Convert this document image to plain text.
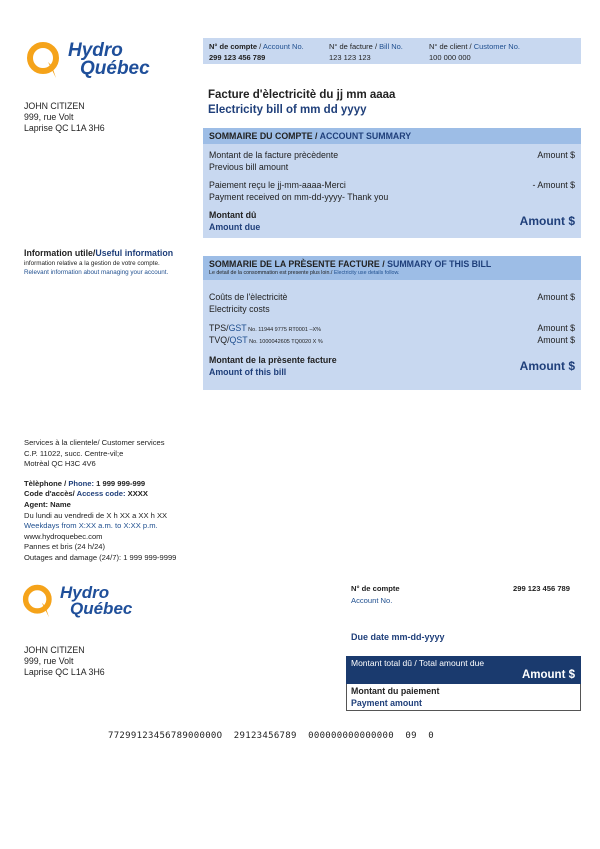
Hydro
Québec
N° de compte / Account No.
299 123 456 789
N° de facture / Bill No.
123 123 123
N° de client / Customer No.
100 000 000
JOHN CITIZEN
999, rue Volt
Laprise QC L1A 3H6
Facture d'èlectricitè du jj mm aaaa
Electricity bill of mm dd yyyy
SOMMAIRE DU COMPTE / ACCOUNT SUMMARY
Montant de la facture prècèdente
Previous bill amount
Amount $
Paiement reçu le jj-mm-aaaa-Merci
Payment received on mm-dd-yyyy- Thank you
- Amount $
Montant dû
Amount due	Amount $
Information utile/Useful information
information relative a la gestion de votre compte.
Relevant information about managing your account.
SOMMARIE DE LA PRÈSENTE FACTURE / SUMMARY OF THIS BILL
Le detail de la consommation est presente plus loin./ Electricity use details follow.
Coûts de l'èlectricitè
Electricity costs
Amount $
TPS/GST No. 11944 9775 RT0001 –X%	Amount $
TVQ/QST No. 1000042605 TQ0020 X %	Amount $
Montant de la prèsente facture
Amount of this bill	Amount $
Services à la clientele/ Customer services
C.P. 11022, succ. Centre-vil;e
Motrèal QC H3C 4V6
Tèlèphone / Phone: 1 999 999-999
Code d'accès/ Access code: XXXX
Agent: Name
Du lundi au vendredi de X h XX a XX h XX
Weekdays from X:XX a.m. to X:XX p.m.
www.hydroquebec.com
Pannes et bris (24 h/24)
Outages and damage (24/7): 1 999 999-9999
Hydro
Québec
N° de compte
Account No.
299 123 456 789
JOHN CITIZEN
999, rue Volt
Laprise QC L1A 3H6
Due date mm-dd-yyyy
Montant total dû / Total amount due
Amount $
Montant du paiement
Payment amount
7729912345678900000O  29123456789  000000000000000  09  0
